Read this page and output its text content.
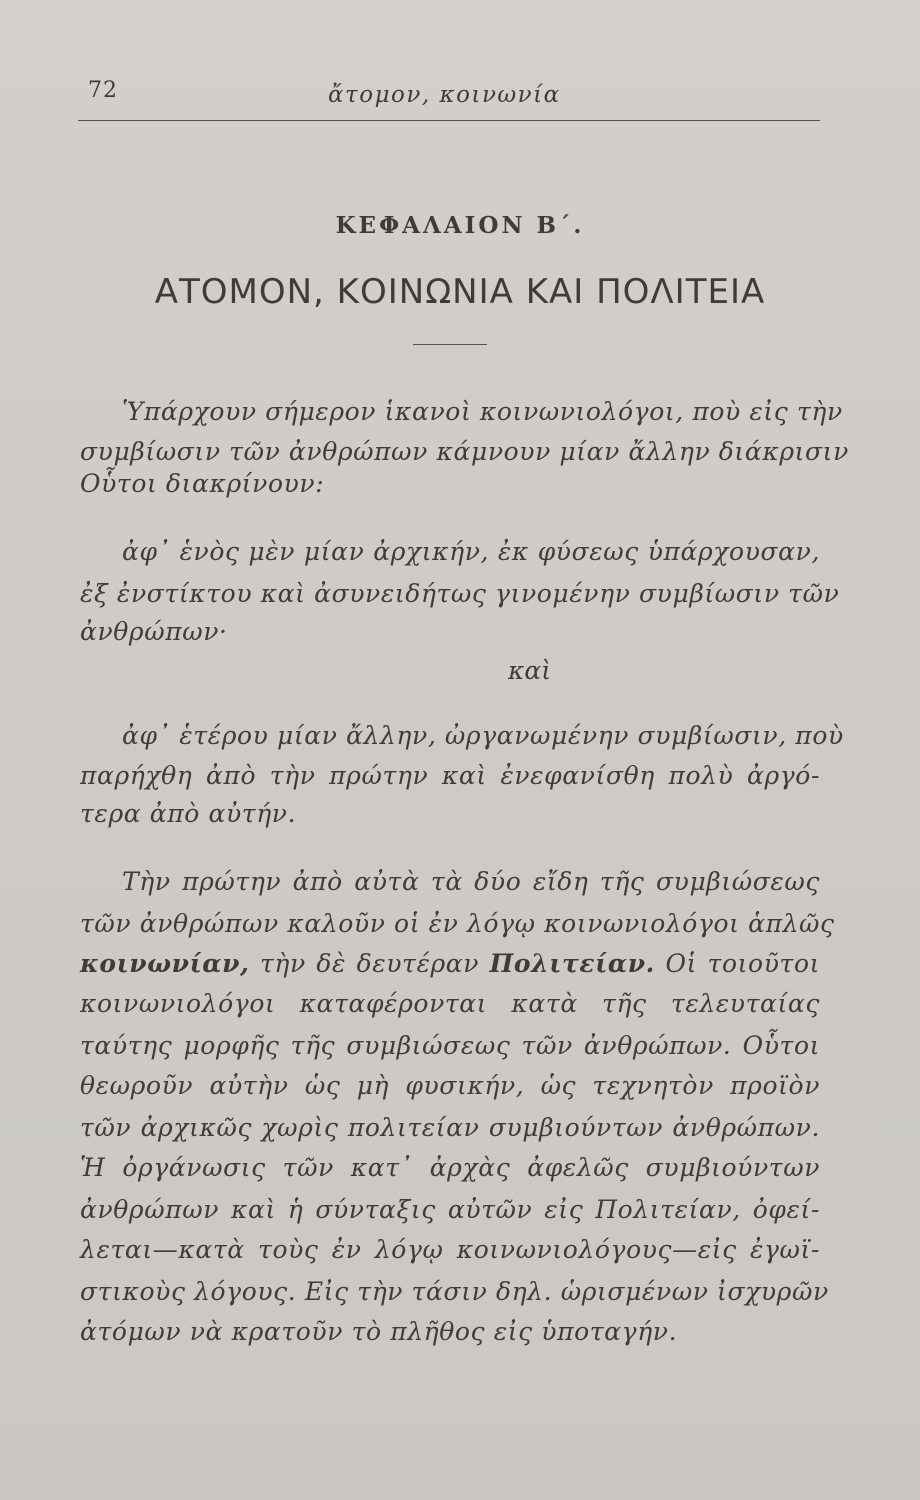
72	ἄτομον, κοινωνία
ΚΕΦΑΛΑΙΟΝ Β΄.
ΑΤΟΜΟΝ, ΚΟΙΝΩΝΙΑ ΚΑΙ ΠΟΛΙΤΕΙΑ
Ὑπάρχουν σήμερον ἱκανοὶ κοινωνιολόγοι, ποὺ εἰς τὴν
συμβίωσιν τῶν ἀνθρώπων κάμνουν μίαν ἄλλην διάκρισιν
Οὗτοι διακρίνουν:
ἀφ᾽ ἑνὸς μὲν μίαν ἀρχικήν, ἐκ φύσεως ὑπάρχουσαν,
ἐξ ἐνστίκτου καὶ ἀσυνειδήτως γινομένην συμβίωσιν τῶν
ἀνθρώπων·
καὶ
ἀφ᾽ ἑτέρου μίαν ἄλλην, ὠργανωμένην συμβίωσιν, ποὺ
παρήχθη ἀπὸ τὴν πρώτην καὶ ἐνεφανίσθη πολὺ ἀργό-
τερα ἀπὸ αὐτήν.
Τὴν πρώτην ἀπὸ αὐτὰ τὰ δύο εἴδη τῆς συμβιώσεως
τῶν ἀνθρώπων καλοῦν οἱ ἐν λόγῳ κοινωνιολόγοι ἁπλῶς
κοινωνίαν, τὴν δὲ δευτέραν Πολιτείαν. Οἱ τοιοῦτοι
κοινωνιολόγοι καταφέρονται κατὰ τῆς τελευταίας
ταύτης μορφῆς τῆς συμβιώσεως τῶν ἀνθρώπων. Οὗτοι
θεωροῦν αὐτὴν ὡς μὴ φυσικήν, ὡς τεχνητὸν προϊὸν
τῶν ἀρχικῶς χωρὶς πολιτείαν συμβιούντων ἀνθρώπων.
Ἡ ὀργάνωσις τῶν κατ᾽ ἀρχὰς ἀφελῶς συμβιούντων
ἀνθρώπων καὶ ἡ σύνταξις αὐτῶν εἰς Πολιτείαν, ὀφεί-
λεται—κατὰ τοὺς ἐν λόγῳ κοινωνιολόγους—εἰς ἐγωϊ-
στικοὺς λόγους. Εἰς τὴν τάσιν δηλ. ὡρισμένων ἰσχυρῶν
ἀτόμων νὰ κρατοῦν τὸ πλῆθος εἰς ὑποταγήν.
